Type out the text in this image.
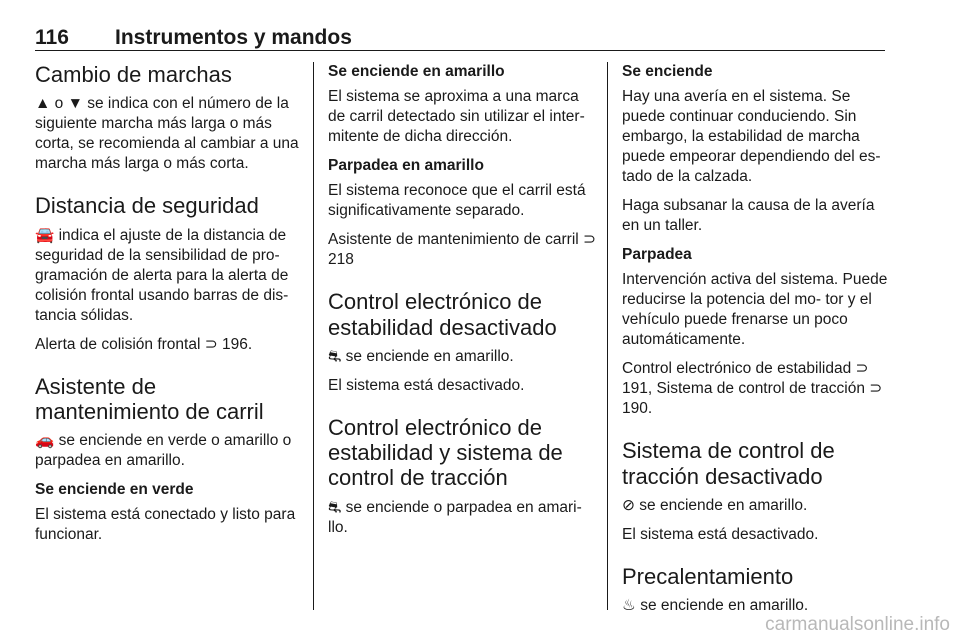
116 Instrumentos y mandos
Cambio de marchas

▲ o ▼ se indica con el número de la siguiente marcha más larga o más corta, se recomienda al cambiar a una marcha más larga o más corta.

Distancia de seguridad

🚘 indica el ajuste de la distancia de seguridad de la sensibilidad de pro- gramación de alerta para la alerta de colisión frontal usando barras de dis- tancia sólidas.

Alerta de colisión frontal ⊃ 196.

Asistente de mantenimiento de carril

🚗 se enciende en verde o amarillo o parpadea en amarillo.

Se enciende en verde

El sistema está conectado y listo para funcionar.

Se enciende en amarillo

El sistema se aproxima a una marca de carril detectado sin utilizar el inter- mitente de dicha dirección.

Parpadea en amarillo

El sistema reconoce que el carril está significativamente separado.

Asistente de mantenimiento de carril ⊃ 218

Control electrónico de estabilidad desactivado

⛐ se enciende en amarillo.

El sistema está desactivado.

Control electrónico de estabilidad y sistema de control de tracción

⛐ se enciende o parpadea en amari- llo.

Se enciende

Hay una avería en el sistema. Se puede continuar conduciendo. Sin embargo, la estabilidad de marcha puede empeorar dependiendo del es- tado de la calzada.

Haga subsanar la causa de la avería en un taller.

Parpadea

Intervención activa del sistema. Puede reducirse la potencia del mo- tor y el vehículo puede frenarse un poco automáticamente.

Control electrónico de estabilidad ⊃ 191, Sistema de control de tracción ⊃ 190.

Sistema de control de tracción desactivado

⊘ se enciende en amarillo.

El sistema está desactivado.

Precalentamiento

♨ se enciende en amarillo.

carmanualsonline.info
